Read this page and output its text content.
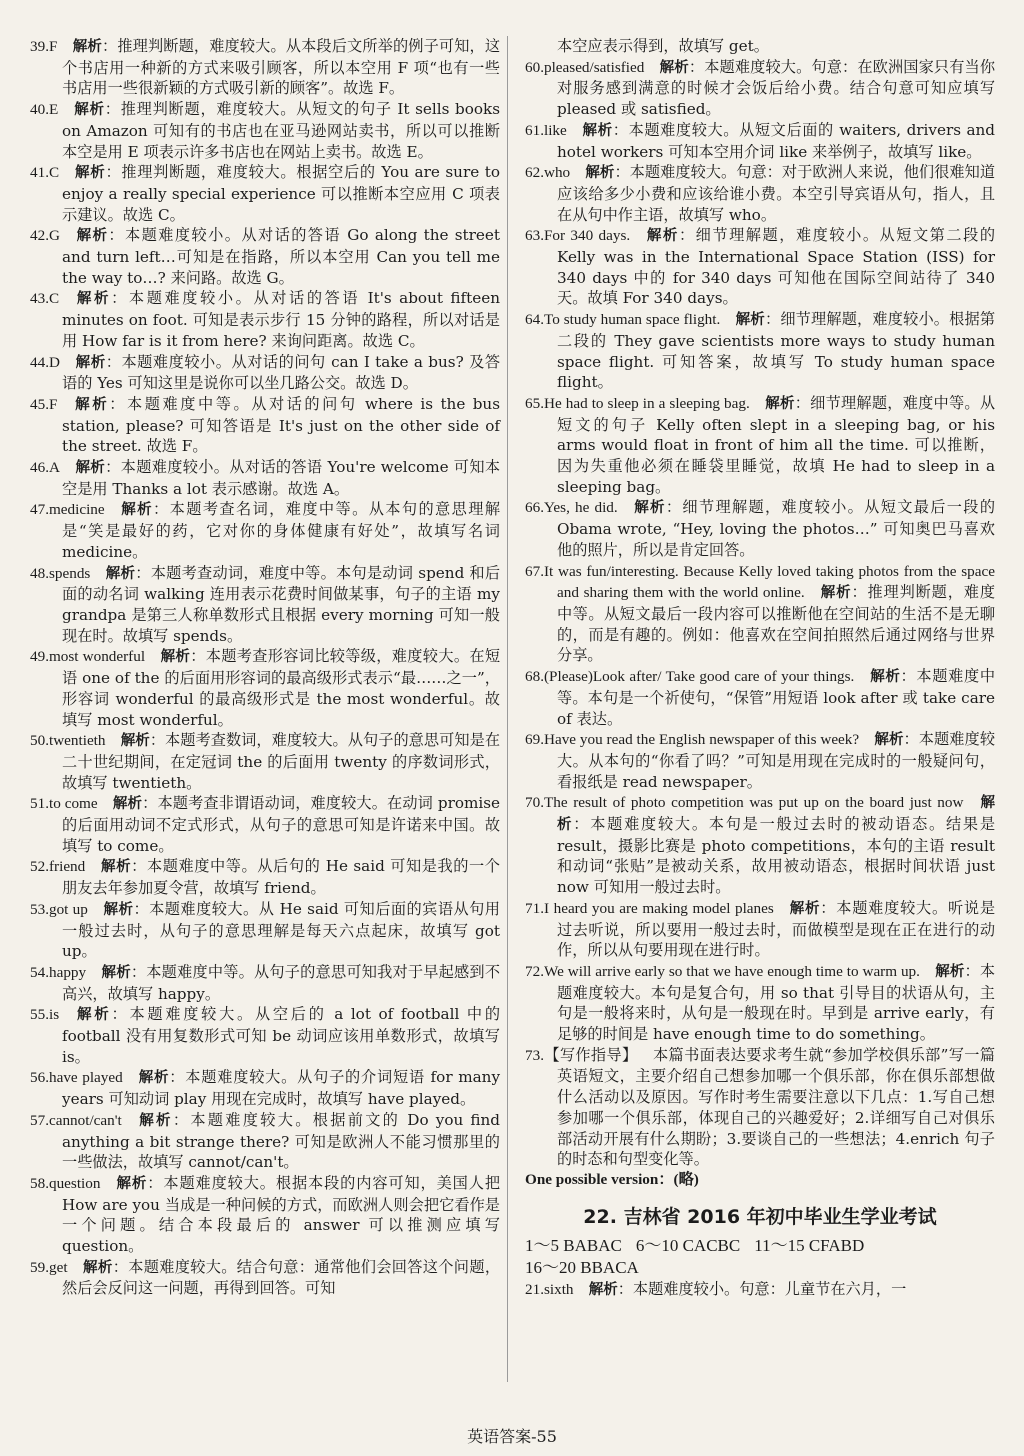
39.F  解析：推理判断题，难度较大。从本段后文所举的例子可知，这个书店用一种新的方式来吸引顾客，所以本空用 F 项“也有一些书店用一些很新颖的方式吸引新的顾客”。故选 F。

40.E  解析：推理判断题，难度较大。从短文的句子 It sells books on Amazon 可知有的书店也在亚马逊网站卖书，所以可以推断本空是用 E 项表示许多书店也在网站上卖书。故选 E。

41.C  解析：推理判断题，难度较大。根据空后的 You are sure to enjoy a really special experience 可以推断本空应用 C 项表示建议。故选 C。

42.G  解析：本题难度较小。从对话的答语 Go along the street and turn left…可知是在指路，所以本空用 Can you tell me the way to…? 来问路。故选 G。

43.C  解析：本题难度较小。从对话的答语 It's about fifteen minutes on foot. 可知是表示步行 15 分钟的路程，所以对话是用 How far is it from here? 来询问距离。故选 C。

44.D  解析：本题难度较小。从对话的问句 can I take a bus? 及答语的 Yes 可知这里是说你可以坐几路公交。故选 D。

45.F  解析：本题难度中等。从对话的问句 where is the bus station, please? 可知答语是 It's just on the other side of the street. 故选 F。

46.A  解析：本题难度较小。从对话的答语 You're welcome 可知本空是用 Thanks a lot 表示感谢。故选 A。

47.medicine  解析：本题考查名词，难度中等。从本句的意思理解是“笑是最好的药，它对你的身体健康有好处”，故填写名词 medicine。

48.spends  解析：本题考查动词，难度中等。本句是动词 spend 和后面的动名词 walking 连用表示花费时间做某事，句子的主语 my grandpa 是第三人称单数形式且根据 every morning 可知一般现在时。故填写 spends。

49.most wonderful  解析：本题考查形容词比较等级，难度较大。在短语 one of the 的后面用形容词的最高级形式表示“最……之一”，形容词 wonderful 的最高级形式是 the most wonderful。故填写 most wonderful。

50.twentieth  解析：本题考查数词，难度较大。从句子的意思可知是在二十世纪期间，在定冠词 the 的后面用 twenty 的序数词形式，故填写 twentieth。

51.to come  解析：本题考查非谓语动词，难度较大。在动词 promise 的后面用动词不定式形式，从句子的意思可知是许诺来中国。故填写 to come。

52.friend  解析：本题难度中等。从后句的 He said 可知是我的一个朋友去年参加夏令营，故填写 friend。

53.got up  解析：本题难度较大。从 He said 可知后面的宾语从句用一般过去时，从句子的意思理解是每天六点起床，故填写 got up。

54.happy  解析：本题难度中等。从句子的意思可知我对于早起感到不高兴，故填写 happy。

55.is  解析：本题难度较大。从空后的 a lot of football 中的 football 没有用复数形式可知 be 动词应该用单数形式，故填写 is。

56.have played  解析：本题难度较大。从句子的介词短语 for many years 可知动词 play 用现在完成时，故填写 have played。

57.cannot/can't  解析：本题难度较大。根据前文的 Do you find anything a bit strange there? 可知是欧洲人不能习惯那里的一些做法，故填写 cannot/can't。

58.question  解析：本题难度较大。根据本段的内容可知，美国人把 How are you 当成是一种问候的方式，而欧洲人则会把它看作是一个问题。结合本段最后的 answer 可以推测应填写 question。

59.get  解析：本题难度较大。结合句意：通常他们会回答这个问题，然后会反问这一问题，再得到回答。可知

本空应表示得到，故填写 get。

60.pleased/satisfied  解析：本题难度较大。句意：在欧洲国家只有当你对服务感到满意的时候才会饭后给小费。结合句意可知应填写 pleased 或 satisfied。

61.like  解析：本题难度较大。从短文后面的 waiters, drivers and hotel workers 可知本空用介词 like 来举例子，故填写 like。

62.who  解析：本题难度较大。句意：对于欧洲人来说，他们很难知道应该给多少小费和应该给谁小费。本空引导宾语从句，指人，且在从句中作主语，故填写 who。

63.For 340 days.  解析：细节理解题，难度较小。从短文第二段的 Kelly was in the International Space Station (ISS) for 340 days 中的 for 340 days 可知他在国际空间站待了 340 天。故填 For 340 days。

64.To study human space flight.  解析：细节理解题，难度较小。根据第二段的 They gave scientists more ways to study human space flight. 可知答案，故填写 To study human space flight。

65.He had to sleep in a sleeping bag.  解析：细节理解题，难度中等。从短文的句子 Kelly often slept in a sleeping bag, or his arms would float in front of him all the time. 可以推断，因为失重他必须在睡袋里睡觉，故填 He had to sleep in a sleeping bag。

66.Yes, he did.  解析：细节理解题，难度较小。从短文最后一段的 Obama wrote, “Hey, loving the photos…” 可知奥巴马喜欢他的照片，所以是肯定回答。

67.It was fun/interesting. Because Kelly loved taking photos from the space and sharing them with the world online.  解析：推理判断题，难度中等。从短文最后一段内容可以推断他在空间站的生活不是无聊的，而是有趣的。例如：他喜欢在空间拍照然后通过网络与世界分享。

68.(Please)Look after/ Take good care of your things.  解析：本题难度中等。本句是一个祈使句，“保管”用短语 look after 或 take care of 表达。

69.Have you read the English newspaper of this week?  解析：本题难度较大。从本句的“你看了吗？”可知是用现在完成时的一般疑问句，看报纸是 read newspaper。

70.The result of photo competition was put up on the board just now  解析：本题难度较大。本句是一般过去时的被动语态。结果是 result，摄影比赛是 photo competitions，本句的主语 result 和动词“张贴”是被动关系，故用被动语态，根据时间状语 just now 可知用一般过去时。

71.I heard you are making model planes  解析：本题难度较大。听说是过去听说，所以要用一般过去时，而做模型是现在正在进行的动作，所以从句要用现在进行时。

72.We will arrive early so that we have enough time to warm up.  解析：本题难度较大。本句是复合句，用 so that 引导目的状语从句，主句是一般将来时，从句是一般现在时。早到是 arrive early，有足够的时间是 have enough time to do something。

73.【写作指导】  本篇书面表达要求考生就“参加学校俱乐部”写一篇英语短文，主要介绍自己想参加哪一个俱乐部，你在俱乐部想做什么活动以及原因。写作时考生需要注意以下几点：1.写自己想参加哪一个俱乐部，体现自己的兴趣爱好；2.详细写自己对俱乐部活动开展有什么期盼；3.要谈自己的一些想法；4.enrich 句子的时态和句型变化等。

One possible version：(略)

22. 吉林省 2016 年初中毕业生学业考试

1～5 BABAC 6～10 CACBC 11～15 CFABD

16～20 BBACA

21.sixth  解析：本题难度较小。句意：儿童节在六月，一

英语答案-55
